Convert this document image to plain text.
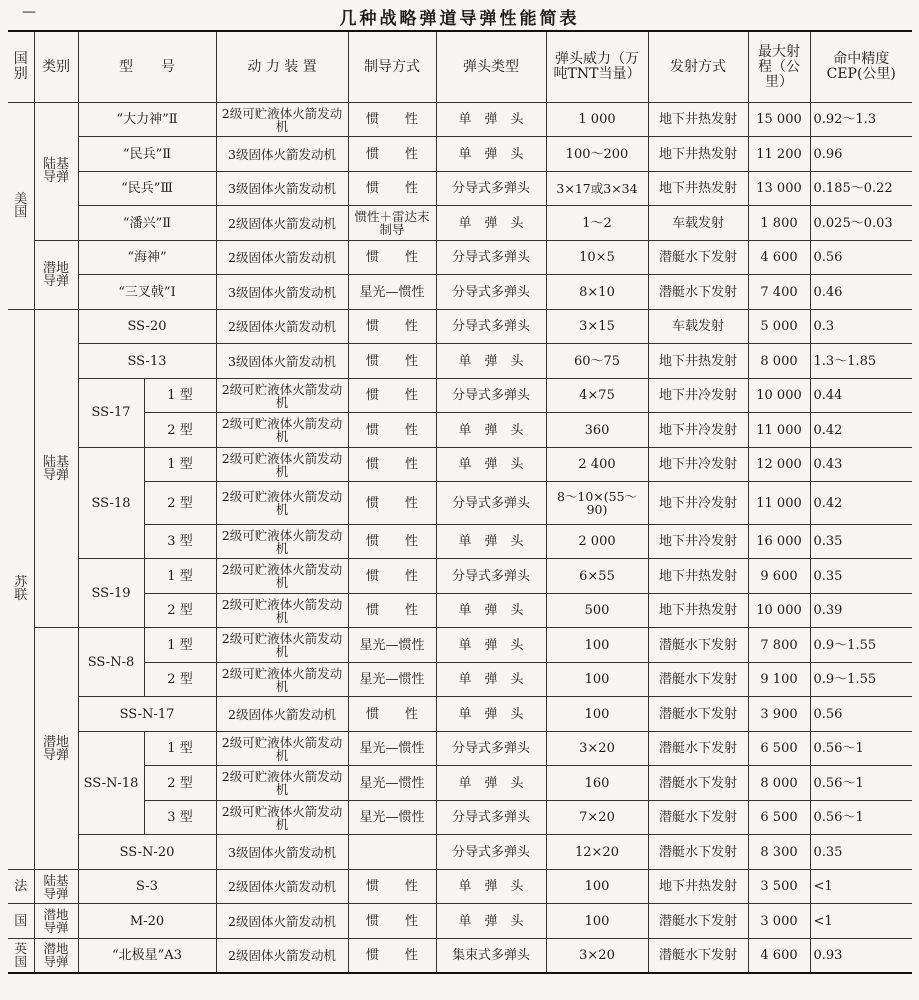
—	几种战略弹道导弹性能简表
国别	类别	型　　号		动 力 装 置	制导方式	弹头类型	弹头威力（万吨TNT当量）	发射方式	最大射程（公里）	命中精度CEP(公里)
美　国	陆基导弹	“大力神”Ⅱ		2级可贮液体火箭发动机	惯　　性	单　弹　头	1 000	地下井热发射	15 000	0.92～1.3
		“民兵”Ⅱ		3级固体火箭发动机	惯　　性	单　弹　头	100～200	地下井热发射	11 200	0.96
		“民兵”Ⅲ		3级固体火箭发动机	惯　　性	分导式多弹头	3×17或3×34	地下井热发射	13 000	0.185～0.22
		“潘兴”Ⅱ		2级固体火箭发动机	惯性＋雷达末制导	单　弹　头	1～2	车载发射	1 800	0.025～0.03
	潜地导弹	“海神”		2级固体火箭发动机	惯　　性	分导式多弹头	10×5	潜艇水下发射	4 600	0.56
		“三叉戟”Ⅰ		3级固体火箭发动机	星光—惯性	分导式多弹头	8×10	潜艇水下发射	7 400	0.46
苏　联	陆基导弹	SS-20		2级固体火箭发动机	惯　　性	分导式多弹头	3×15	车载发射	5 000	0.3
		SS-13		3级固体火箭发动机	惯　　性	单　弹　头	60～75	地下井热发射	8 000	1.3～1.85
		SS-17	1 型	2级可贮液体火箭发动机	惯　　性	分导式多弹头	4×75	地下井冷发射	10 000	0.44
			2 型	2级可贮液体火箭发动机	惯　　性	单　弹　头	360	地下井冷发射	11 000	0.42
		SS-18	1 型	2级可贮液体火箭发动机	惯　　性	单　弹　头	2 400	地下井冷发射	12 000	0.43
			2 型	2级可贮液体火箭发动机	惯　　性	分导式多弹头	8～10×(55～90)	地下井冷发射	11 000	0.42
			3 型	2级可贮液体火箭发动机	惯　　性	单　弹　头	2 000	地下井冷发射	16 000	0.35
		SS-19	1 型	2级可贮液体火箭发动机	惯　　性	分导式多弹头	6×55	地下井热发射	9 600	0.35
			2 型	2级可贮液体火箭发动机	惯　　性	单　弹　头	500	地下井热发射	10 000	0.39
	潜地导弹	SS-N-8	1 型	2级可贮液体火箭发动机	星光—惯性	单　弹　头	100	潜艇水下发射	7 800	0.9～1.55
			2 型	2级可贮液体火箭发动机	星光—惯性	单　弹　头	100	潜艇水下发射	9 100	0.9～1.55
		SS-N-17		2级固体火箭发动机	惯　　性	单　弹　头	100	潜艇水下发射	3 900	0.56
		SS-N-18	1 型	2级可贮液体火箭发动机	星光—惯性	分导式多弹头	3×20	潜艇水下发射	6 500	0.56～1
			2 型	2级可贮液体火箭发动机	星光—惯性	单　弹　头	160	潜艇水下发射	8 000	0.56～1
			3 型	2级可贮液体火箭发动机	星光—惯性	分导式多弹头	7×20	潜艇水下发射	6 500	0.56～1
		SS-N-20		3级固体火箭发动机		分导式多弹头	12×20	潜艇水下发射	8 300	0.35
法	陆基导弹	S-3		2级固体火箭发动机	惯　　性	单　弹　头	100	地下井热发射	3 500	<1
国	潜地导弹	M-20		2级固体火箭发动机	惯　　性	单　弹　头	100	潜艇水下发射	3 000	<1
英国	潜地导弹	“北极星”A3		2级固体火箭发动机	惯　　性	集束式多弹头	3×20	潜艇水下发射	4 600	0.93
